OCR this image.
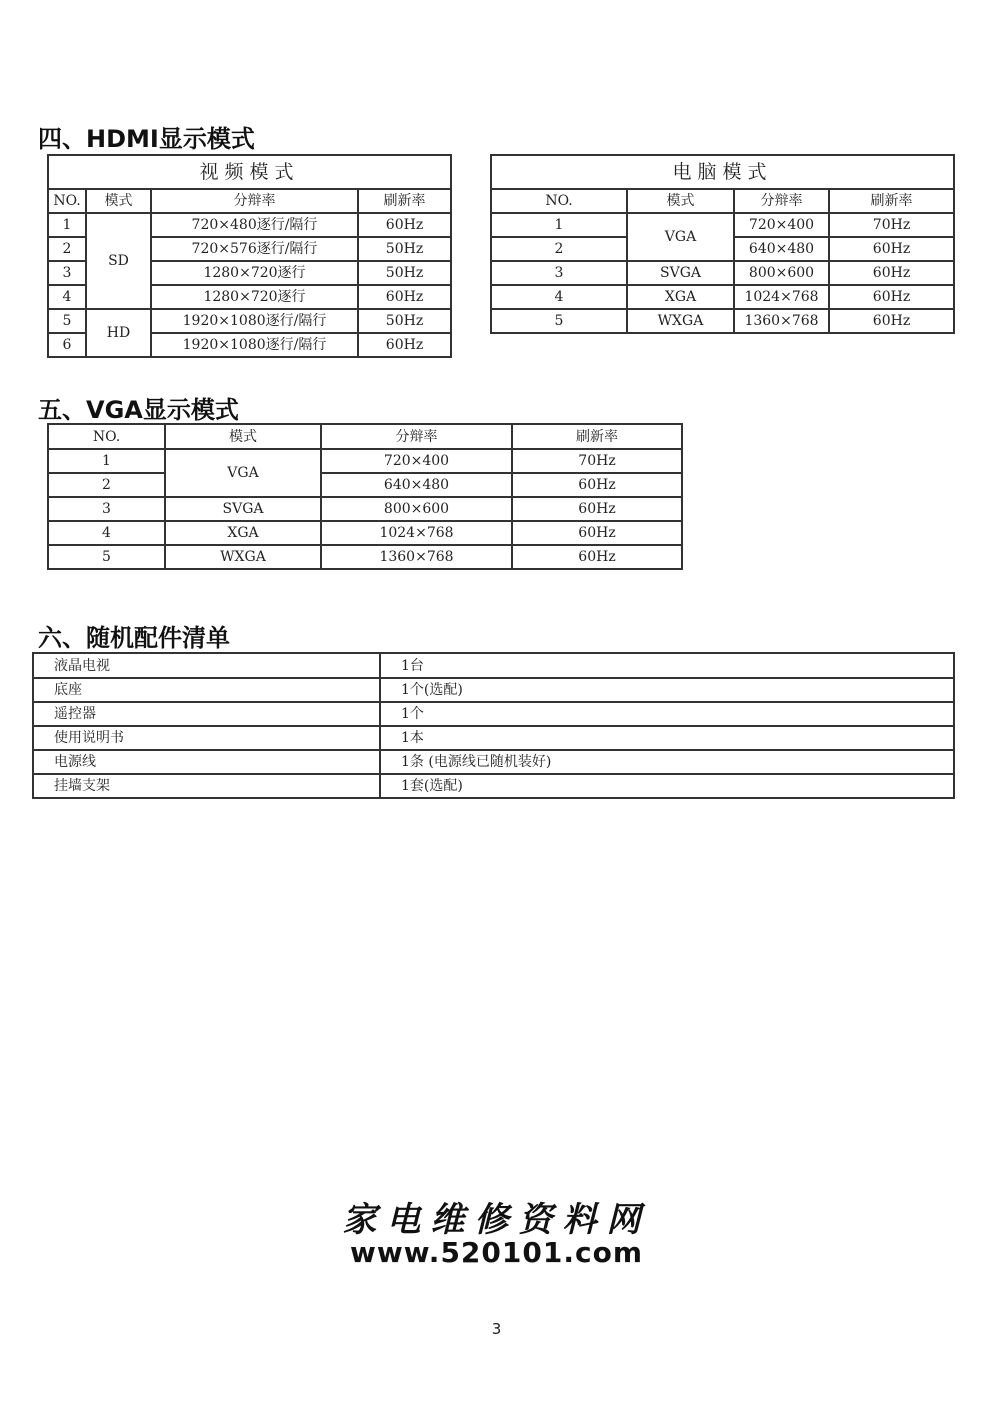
四、HDMI显示模式
视频模式			
NO.	模式	分辩率	刷新率
1	SD	720×480逐行/隔行	60Hz
2		720×576逐行/隔行	50Hz
3		1280×720逐行	50Hz
4		1280×720逐行	60Hz
5	HD	1920×1080逐行/隔行	50Hz
6		1920×1080逐行/隔行	60Hz
电脑模式			
NO.	模式	分辩率	刷新率
1	VGA	720×400	70Hz
2		640×480	60Hz
3	SVGA	800×600	60Hz
4	XGA	1024×768	60Hz
5	WXGA	1360×768	60Hz
五、VGA显示模式
NO.	模式	分辩率	刷新率
1	VGA	720×400	70Hz
2		640×480	60Hz
3	SVGA	800×600	60Hz
4	XGA	1024×768	60Hz
5	WXGA	1360×768	60Hz
六、随机配件清单
液晶电视	1台
底座	1个(选配)
遥控器	1个
使用说明书	1本
电源线	1条 (电源线已随机装好)
挂墙支架	1套(选配)
家电维修资料网
www.520101.com
3
